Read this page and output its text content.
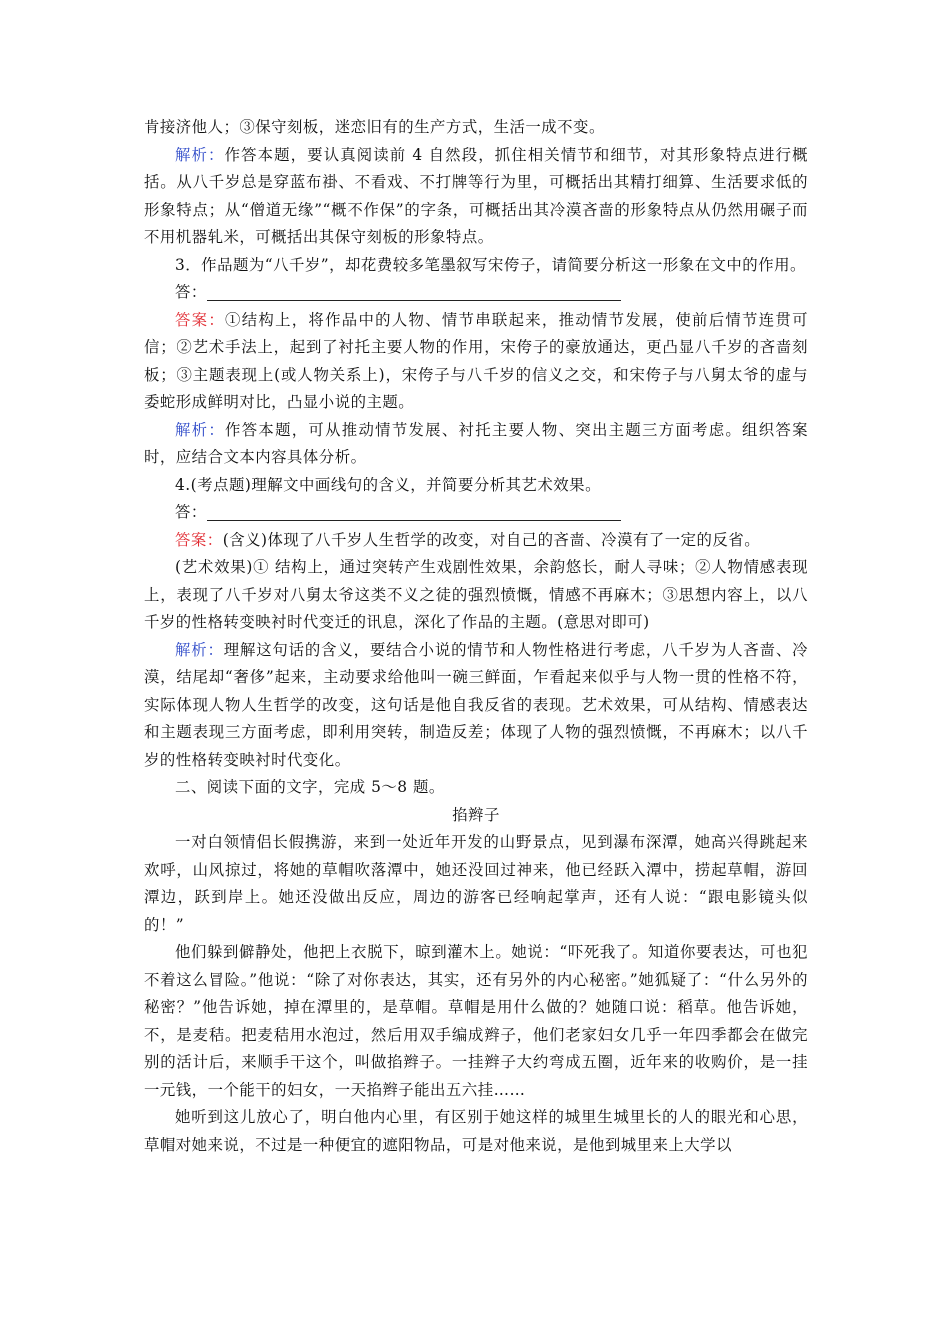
肯接济他人；③保守刻板，迷恋旧有的生产方式，生活一成不变。

解析：作答本题，要认真阅读前 4 自然段，抓住相关情节和细节，对其形象特点进行概括。从八千岁总是穿蓝布褂、不看戏、不打牌等行为里，可概括出其精打细算、生活要求低的形象特点；从“僧道无缘”“概不作保”的字条，可概括出其冷漠吝啬的形象特点从仍然用碾子而不用机器轧米，可概括出其保守刻板的形象特点。

3．作品题为“八千岁”，却花费较多笔墨叙写宋侉子，请简要分析这一形象在文中的作用。

答：

答案：①结构上，将作品中的人物、情节串联起来，推动情节发展，使前后情节连贯可信；②艺术手法上，起到了衬托主要人物的作用，宋侉子的豪放通达，更凸显八千岁的吝啬刻板；③主题表现上(或人物关系上)，宋侉子与八千岁的信义之交，和宋侉子与八舅太爷的虚与委蛇形成鲜明对比，凸显小说的主题。

解析：作答本题，可从推动情节发展、衬托主要人物、突出主题三方面考虑。组织答案时，应结合文本内容具体分析。

4.(考点题)理解文中画线句的含义，并简要分析其艺术效果。

答：

答案：(含义)体现了八千岁人生哲学的改变，对自己的吝啬、冷漠有了一定的反省。

(艺术效果)① 结构上，通过突转产生戏剧性效果，余韵悠长，耐人寻味；②人物情感表现上，表现了八千岁对八舅太爷这类不义之徒的强烈愤慨，情感不再麻木；③思想内容上，以八千岁的性格转变映衬时代变迁的讯息，深化了作品的主题。(意思对即可)

解析：理解这句话的含义，要结合小说的情节和人物性格进行考虑，八千岁为人吝啬、冷漠，结尾却“奢侈”起来，主动要求给他叫一碗三鲜面，乍看起来似乎与人物一贯的性格不符，实际体现人物人生哲学的改变，这句话是他自我反省的表现。艺术效果，可从结构、情感表达和主题表现三方面考虑，即利用突转，制造反差；体现了人物的强烈愤慨，不再麻木；以八千岁的性格转变映衬时代变化。

二、阅读下面的文字，完成 5～8 题。

掐辫子

一对白领情侣长假携游，来到一处近年开发的山野景点，见到瀑布深潭，她高兴得跳起来欢呼，山风掠过，将她的草帽吹落潭中，她还没回过神来，他已经跃入潭中，捞起草帽，游回潭边，跃到岸上。她还没做出反应，周边的游客已经响起掌声，还有人说：“跟电影镜头似的！”

他们躲到僻静处，他把上衣脱下，晾到灌木上。她说：“吓死我了。知道你要表达，可也犯不着这么冒险。”他说：“除了对你表达，其实，还有另外的内心秘密。”她狐疑了：“什么另外的秘密？”他告诉她，掉在潭里的，是草帽。草帽是用什么做的？她随口说：稻草。他告诉她，不，是麦秸。把麦秸用水泡过，然后用双手编成辫子，他们老家妇女几乎一年四季都会在做完别的活计后，来顺手干这个，叫做掐辫子。一挂辫子大约弯成五圈，近年来的收购价，是一挂一元钱，一个能干的妇女，一天掐辫子能出五六挂……

她听到这儿放心了，明白他内心里，有区别于她这样的城里生城里长的人的眼光和心思，草帽对她来说，不过是一种便宜的遮阳物品，可是对他来说，是他到城里来上大学以
